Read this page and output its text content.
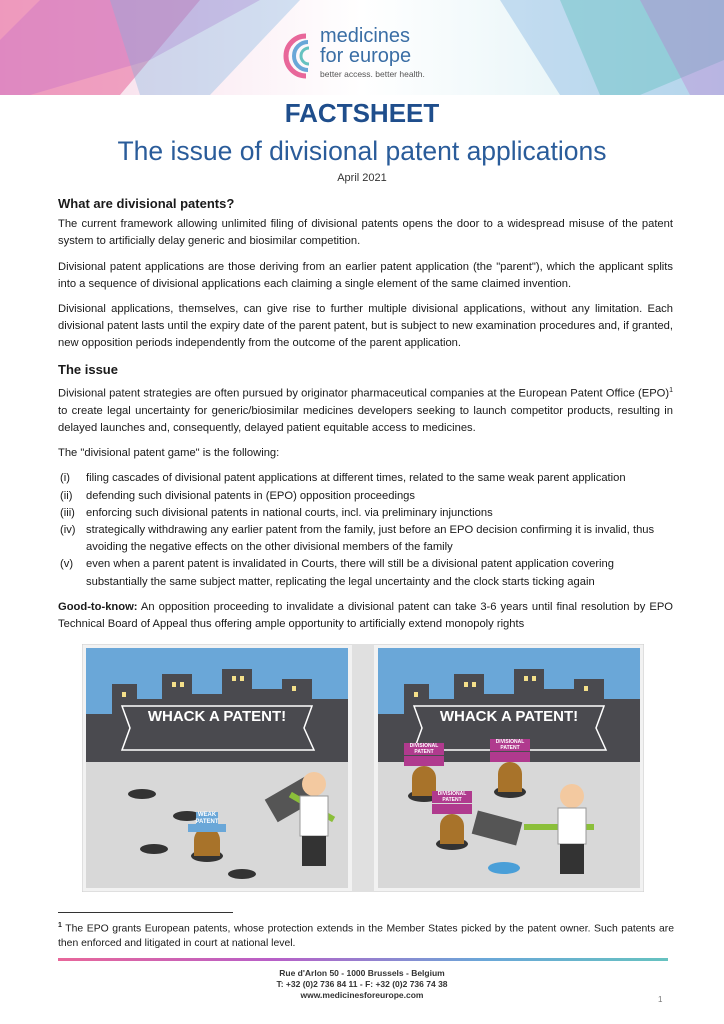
medicines
for europe
better access. better health.
FACTSHEET
The issue of divisional patent applications
April 2021
What are divisional patents?

The current framework allowing unlimited filing of divisional patents opens the door to a widespread misuse of the patent system to artificially delay generic and biosimilar competition.

Divisional patent applications are those deriving from an earlier patent application (the "parent"), which the applicant splits into a sequence of divisional applications each claiming a single element of the same claimed invention.

Divisional applications, themselves, can give rise to further multiple divisional applications, without any limitation. Each divisional patent lasts until the expiry date of the parent patent, but is subject to new examination procedures and, if granted, new opposition periods independently from the outcome of the parent application.

The issue

Divisional patent strategies are often pursued by originator pharmaceutical companies at the European Patent Office (EPO)$^1$ to create legal uncertainty for generic/biosimilar medicines developers seeking to launch competitor products, resulting in delayed launches and, consequently, delayed patient equitable access to medicines.

The "divisional patent game" is the following:

(i)	filing cascades of divisional patent applications at different times, related to the same weak parent application
(ii)	defending such divisional patents in (EPO) opposition proceedings
(iii) enforcing such divisional patents in national courts, incl. via preliminary injunctions
(iv) strategically withdrawing any earlier patent from the family, just before an EPO decision confirming it is invalid, thus avoiding the negative effects on the other divisional members of the family
(v)	even when a parent patent is invalidated in Courts, there will still be a divisional patent application covering substantially the same subject matter, replicating the legal uncertainty and the clock starts ticking again

Good-to-know: An opposition proceeding to invalidate a divisional patent can take 3-6 years until final resolution by EPO Technical Board of Appeal thus offering ample opportunity to artificially extend monopoly rights

WHACK A PATENT!
WEAK PATENT
WHACK A PATENT!
DIVISIONAL PATENT
DIVISIONAL PATENT
DIVISIONAL PATENT
$^1$ The EPO grants European patents, whose protection extends in the Member States picked by the patent owner. Such patents are then enforced and litigated in court at national level.
Rue d'Arlon 50 - 1000 Brussels - Belgium
T: +32 (0)2 736 84 11 - F: +32 (0)2 736 74 38
www.medicinesforeurope.com	1
